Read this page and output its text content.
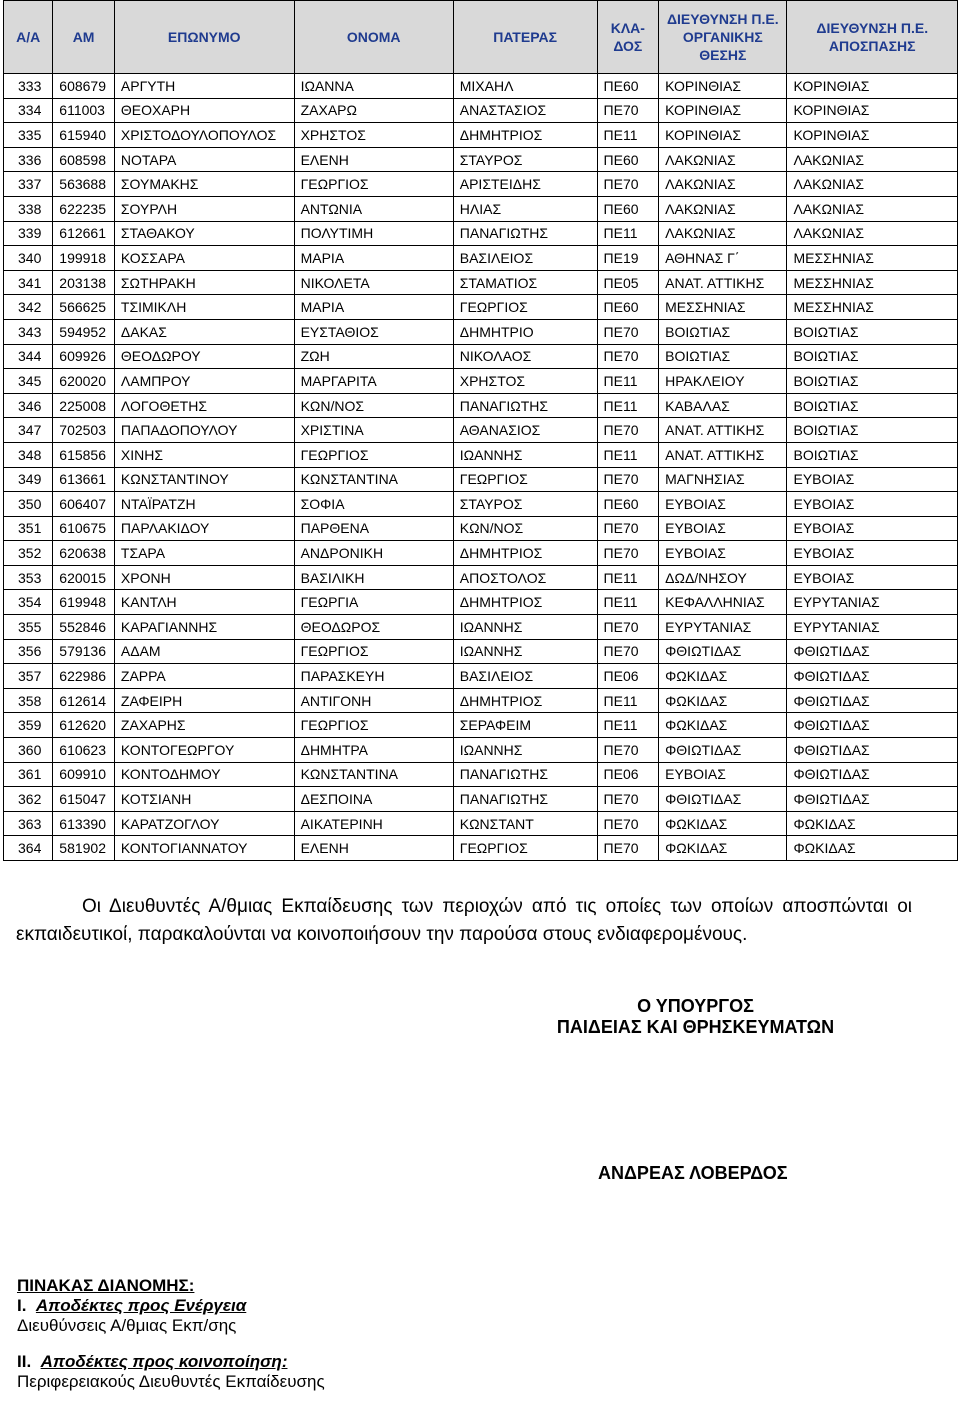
Α/Α	ΑΜ	ΕΠΩΝΥΜΟ	ΟΝΟΜΑ	ΠΑΤΕΡΑΣ	ΚΛΑ-
ΔΟΣ	ΔΙΕΥΘΥΝΣΗ Π.Ε.
ΟΡΓΑΝΙΚΗΣ
ΘΕΣΗΣ	ΔΙΕΥΘΥΝΣΗ Π.Ε.
ΑΠΟΣΠΑΣΗΣ
333	608679	ΑΡΓΥΤΗ	ΙΩΑΝΝΑ	ΜΙΧΑΗΛ	ΠΕ60	ΚΟΡΙΝΘΙΑΣ	ΚΟΡΙΝΘΙΑΣ
334	611003	ΘΕΟΧΑΡΗ	ΖΑΧΑΡΩ	ΑΝΑΣΤΑΣΙΟΣ	ΠΕ70	ΚΟΡΙΝΘΙΑΣ	ΚΟΡΙΝΘΙΑΣ
335	615940	ΧΡΙΣΤΟΔΟΥΛΟΠΟΥΛΟΣ	ΧΡΗΣΤΟΣ	ΔΗΜΗΤΡΙΟΣ	ΠΕ11	ΚΟΡΙΝΘΙΑΣ	ΚΟΡΙΝΘΙΑΣ
336	608598	ΝΟΤΑΡΑ	ΕΛΕΝΗ	ΣΤΑΥΡΟΣ	ΠΕ60	ΛΑΚΩΝΙΑΣ	ΛΑΚΩΝΙΑΣ
337	563688	ΣΟΥΜΑΚΗΣ	ΓΕΩΡΓΙΟΣ	ΑΡΙΣΤΕΙΔΗΣ	ΠΕ70	ΛΑΚΩΝΙΑΣ	ΛΑΚΩΝΙΑΣ
338	622235	ΣΟΥΡΛΗ	ΑΝΤΩΝΙΑ	ΗΛΙΑΣ	ΠΕ60	ΛΑΚΩΝΙΑΣ	ΛΑΚΩΝΙΑΣ
339	612661	ΣΤΑΘΑΚΟΥ	ΠΟΛΥΤΙΜΗ	ΠΑΝΑΓΙΩΤΗΣ	ΠΕ11	ΛΑΚΩΝΙΑΣ	ΛΑΚΩΝΙΑΣ
340	199918	ΚΟΣΣΑΡΑ	ΜΑΡΙΑ	ΒΑΣΙΛΕΙΟΣ	ΠΕ19	ΑΘΗΝΑΣ Γ΄	ΜΕΣΣΗΝΙΑΣ
341	203138	ΣΩΤΗΡΑΚΗ	ΝΙΚΟΛΕΤΑ	ΣΤΑΜΑΤΙΟΣ	ΠΕ05	ΑΝΑΤ. ΑΤΤΙΚΗΣ	ΜΕΣΣΗΝΙΑΣ
342	566625	ΤΣΙΜΙΚΛΗ	ΜΑΡΙΑ	ΓΕΩΡΓΙΟΣ	ΠΕ60	ΜΕΣΣΗΝΙΑΣ	ΜΕΣΣΗΝΙΑΣ
343	594952	ΔΑΚΑΣ	ΕΥΣΤΑΘΙΟΣ	ΔΗΜΗΤΡΙΟ	ΠΕ70	ΒΟΙΩΤΙΑΣ	ΒΟΙΩΤΙΑΣ
344	609926	ΘΕΟΔΩΡΟΥ	ΖΩΗ	ΝΙΚΟΛΑΟΣ	ΠΕ70	ΒΟΙΩΤΙΑΣ	ΒΟΙΩΤΙΑΣ
345	620020	ΛΑΜΠΡΟΥ	ΜΑΡΓΑΡΙΤΑ	ΧΡΗΣΤΟΣ	ΠΕ11	ΗΡΑΚΛΕΙΟΥ	ΒΟΙΩΤΙΑΣ
346	225008	ΛΟΓΟΘΕΤΗΣ	ΚΩΝ/ΝΟΣ	ΠΑΝΑΓΙΩΤΗΣ	ΠΕ11	ΚΑΒΑΛΑΣ	ΒΟΙΩΤΙΑΣ
347	702503	ΠΑΠΑΔΟΠΟΥΛΟΥ	ΧΡΙΣΤΙΝΑ	ΑΘΑΝΑΣΙΟΣ	ΠΕ70	ΑΝΑΤ. ΑΤΤΙΚΗΣ	ΒΟΙΩΤΙΑΣ
348	615856	ΧΙΝΗΣ	ΓΕΩΡΓΙΟΣ	ΙΩΑΝΝΗΣ	ΠΕ11	ΑΝΑΤ. ΑΤΤΙΚΗΣ	ΒΟΙΩΤΙΑΣ
349	613661	ΚΩΝΣΤΑΝΤΙΝΟΥ	ΚΩΝΣΤΑΝΤΙΝΑ	ΓΕΩΡΓΙΟΣ	ΠΕ70	ΜΑΓΝΗΣΙΑΣ	ΕΥΒΟΙΑΣ
350	606407	ΝΤΑΪΡΑΤΖΗ	ΣΟΦΙΑ	ΣΤΑΥΡΟΣ	ΠΕ60	ΕΥΒΟΙΑΣ	ΕΥΒΟΙΑΣ
351	610675	ΠΑΡΛΑΚΙΔΟΥ	ΠΑΡΘΕΝΑ	ΚΩΝ/ΝΟΣ	ΠΕ70	ΕΥΒΟΙΑΣ	ΕΥΒΟΙΑΣ
352	620638	ΤΣΑΡΑ	ΑΝΔΡΟΝΙΚΗ	ΔΗΜΗΤΡΙΟΣ	ΠΕ70	ΕΥΒΟΙΑΣ	ΕΥΒΟΙΑΣ
353	620015	ΧΡΟΝΗ	ΒΑΣΙΛΙΚΗ	ΑΠΟΣΤΟΛΟΣ	ΠΕ11	ΔΩΔ/ΝΗΣΟΥ	ΕΥΒΟΙΑΣ
354	619948	ΚΑΝΤΛΗ	ΓΕΩΡΓΙΑ	ΔΗΜΗΤΡΙΟΣ	ΠΕ11	ΚΕΦΑΛΛΗΝΙΑΣ	ΕΥΡΥΤΑΝΙΑΣ
355	552846	ΚΑΡΑΓΙΑΝΝΗΣ	ΘΕΟΔΩΡΟΣ	ΙΩΑΝΝΗΣ	ΠΕ70	ΕΥΡΥΤΑΝΙΑΣ	ΕΥΡΥΤΑΝΙΑΣ
356	579136	ΑΔΑΜ	ΓΕΩΡΓΙΟΣ	ΙΩΑΝΝΗΣ	ΠΕ70	ΦΘΙΩΤΙΔΑΣ	ΦΘΙΩΤΙΔΑΣ
357	622986	ΖΑΡΡΑ	ΠΑΡΑΣΚΕΥΗ	ΒΑΣΙΛΕΙΟΣ	ΠΕ06	ΦΩΚΙΔΑΣ	ΦΘΙΩΤΙΔΑΣ
358	612614	ΖΑΦΕΙΡΗ	ΑΝΤΙΓΟΝΗ	ΔΗΜΗΤΡΙΟΣ	ΠΕ11	ΦΩΚΙΔΑΣ	ΦΘΙΩΤΙΔΑΣ
359	612620	ΖΑΧΑΡΗΣ	ΓΕΩΡΓΙΟΣ	ΣΕΡΑΦΕΙΜ	ΠΕ11	ΦΩΚΙΔΑΣ	ΦΘΙΩΤΙΔΑΣ
360	610623	ΚΟΝΤΟΓΕΩΡΓΟΥ	ΔΗΜΗΤΡΑ	ΙΩΑΝΝΗΣ	ΠΕ70	ΦΘΙΩΤΙΔΑΣ	ΦΘΙΩΤΙΔΑΣ
361	609910	ΚΟΝΤΟΔΗΜΟΥ	ΚΩΝΣΤΑΝΤΙΝΑ	ΠΑΝΑΓΙΩΤΗΣ	ΠΕ06	ΕΥΒΟΙΑΣ	ΦΘΙΩΤΙΔΑΣ
362	615047	ΚΟΤΣΙΑΝΗ	ΔΕΣΠΟΙΝΑ	ΠΑΝΑΓΙΩΤΗΣ	ΠΕ70	ΦΘΙΩΤΙΔΑΣ	ΦΘΙΩΤΙΔΑΣ
363	613390	ΚΑΡΑΤΖΟΓΛΟΥ	ΑΙΚΑΤΕΡΙΝΗ	ΚΩΝΣΤΑΝΤ	ΠΕ70	ΦΩΚΙΔΑΣ	ΦΩΚΙΔΑΣ
364	581902	ΚΟΝΤΟΓΙΑΝΝΑΤΟΥ	ΕΛΕΝΗ	ΓΕΩΡΓΙΟΣ	ΠΕ70	ΦΩΚΙΔΑΣ	ΦΩΚΙΔΑΣ
Οι Διευθυντές Α/θμιας Εκπαίδευσης των περιοχών από τις οποίες των οποίων αποσπώνται οι εκπαιδευτικοί, παρακαλούνται να κοινοποιήσουν την παρούσα στους ενδιαφερομένους.
Ο ΥΠΟΥΡΓΟΣ
ΠΑΙΔΕΙΑΣ ΚΑΙ ΘΡΗΣΚΕΥΜΑΤΩΝ
ΑΝΔΡΕΑΣ ΛΟΒΕΡΔΟΣ
ΠΙΝΑΚΑΣ ΔΙΑΝΟΜΗΣ:
Ι. Αποδέκτες προς Ενέργεια
Διευθύνσεις Α/θμιας Εκπ/σης
ΙΙ. Αποδέκτες προς κοινοποίηση:
Περιφερειακούς Διευθυντές Εκπαίδευσης
